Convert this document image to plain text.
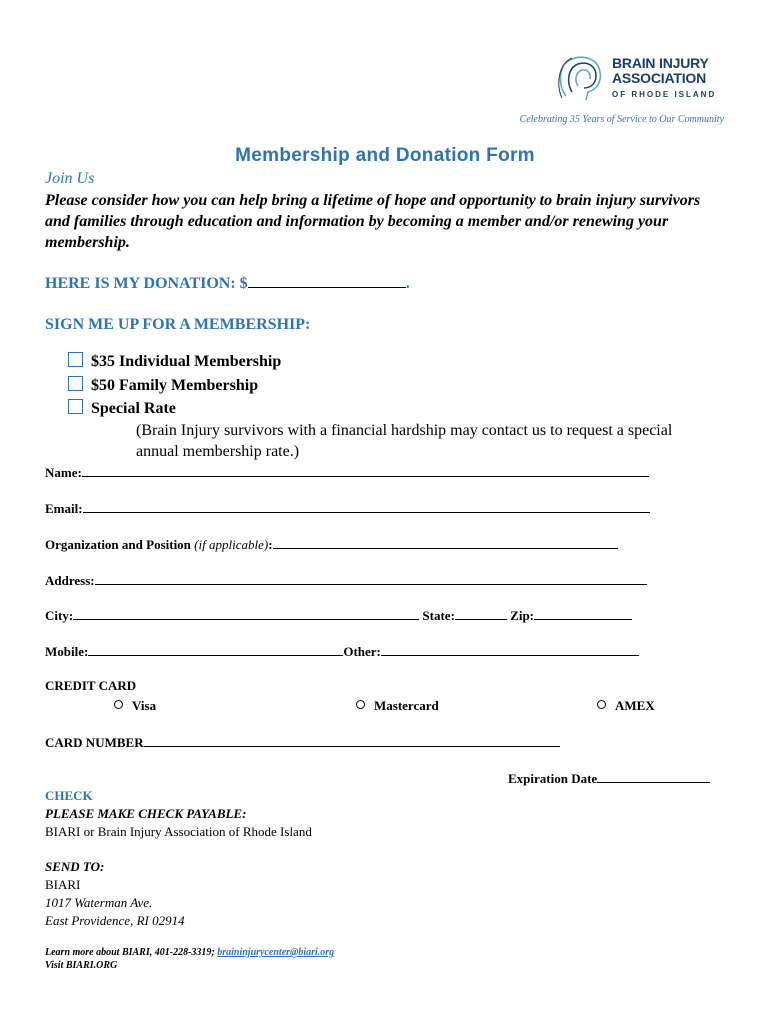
BRAIN INJURY
ASSOCIATION
OF RHODE ISLAND
Celebrating 35 Years of Service to Our Community
Membership and Donation Form
Join Us
Please consider how you can help bring a lifetime of hope and opportunity to brain injury survivors and families through education and information by becoming a member and/or renewing your membership.
HERE IS MY DONATION: $	.
SIGN ME UP FOR A MEMBERSHIP:
$35 Individual Membership
$50 Family Membership
Special Rate
(Brain Injury survivors with a financial hardship may contact us to request a special annual membership rate.)
Name:
Email:
Organization and Position (if applicable):
Address:
City:	State:	Zip:
Mobile:	Other:
CREDIT CARD
Visa	Mastercard	AMEX
CARD NUMBER
Expiration Date
CHECK
PLEASE MAKE CHECK PAYABLE:
BIARI or Brain Injury Association of Rhode Island
SEND TO:
BIARI
1017 Waterman Ave.
East Providence, RI 02914
Learn more about BIARI, 401-228-3319; braininjurycenter@biari.org
Visit BIARI.ORG
